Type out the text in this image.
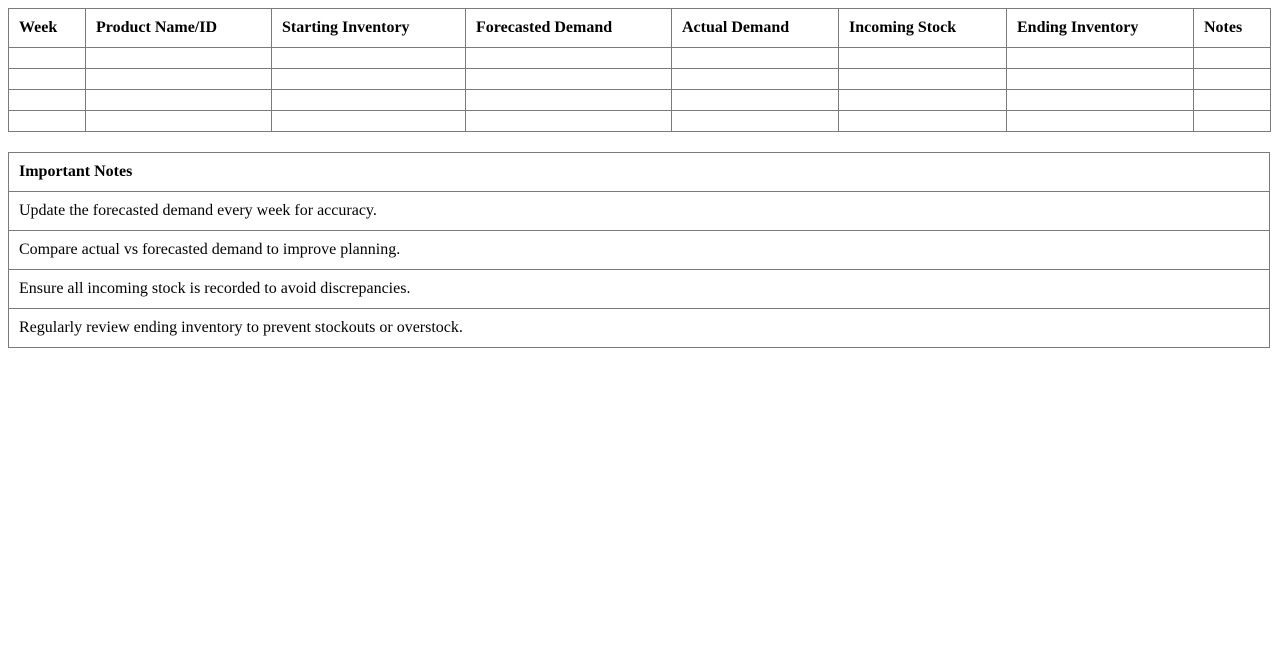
Week	Product Name/ID	Starting Inventory	Forecasted Demand	Actual Demand	Incoming Stock	Ending Inventory	Notes

Important Notes
Update the forecasted demand every week for accuracy.
Compare actual vs forecasted demand to improve planning.
Ensure all incoming stock is recorded to avoid discrepancies.
Regularly review ending inventory to prevent stockouts or overstock.
